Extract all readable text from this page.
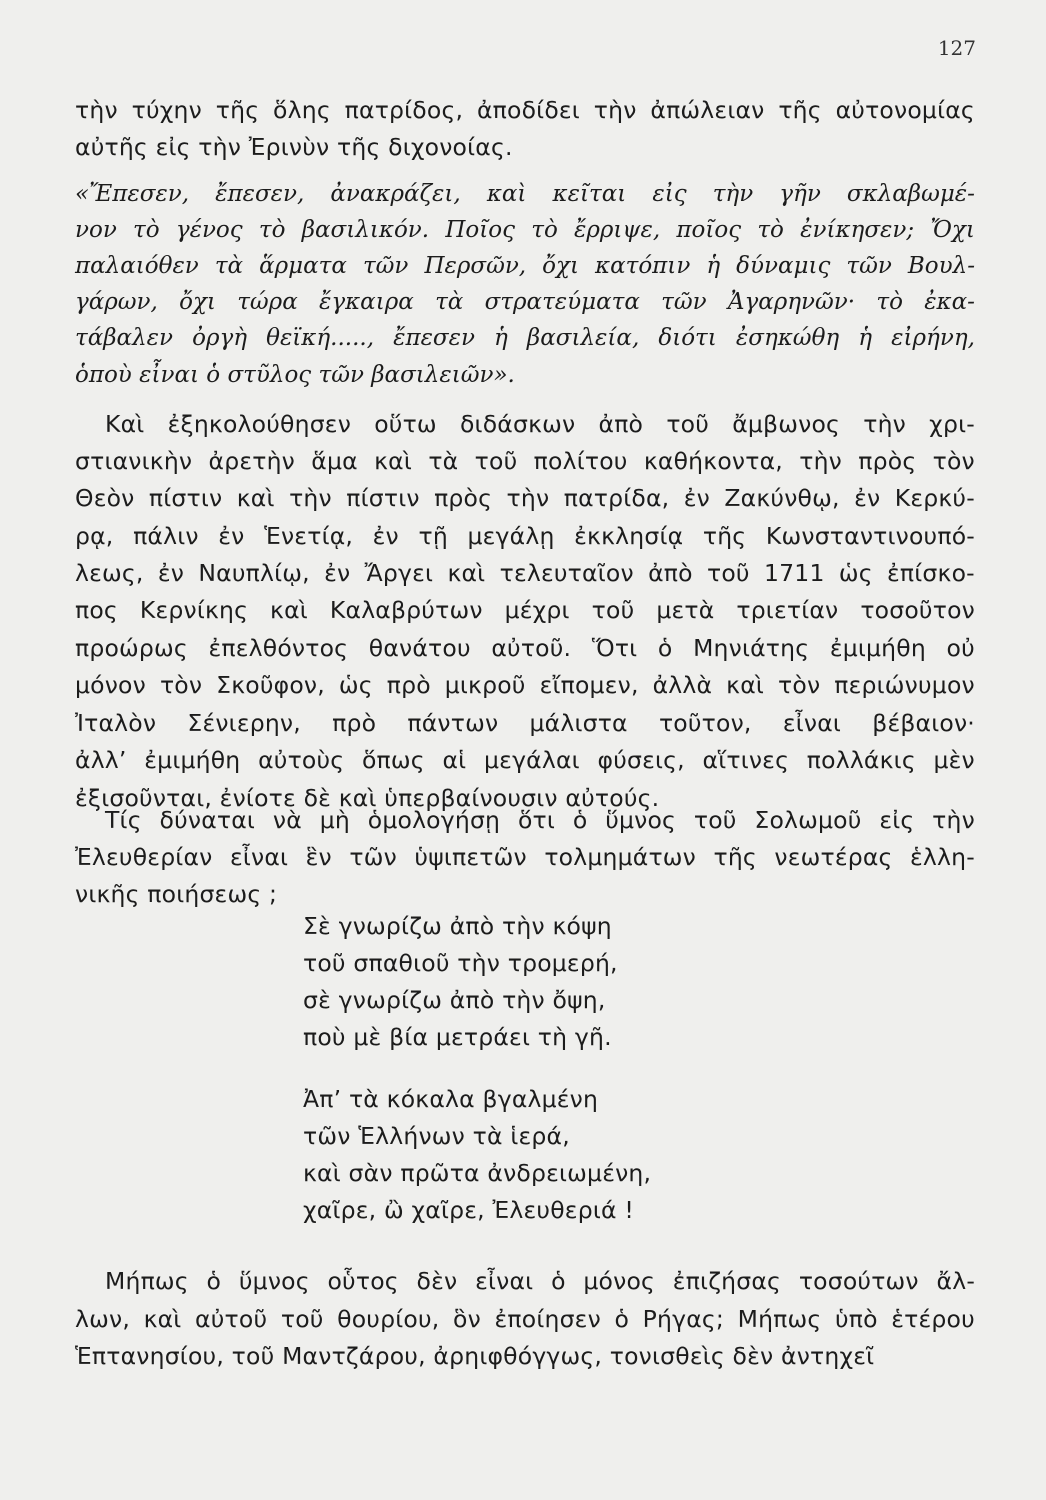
127
τὴν τύχην τῆς ὅλης πατρίδος, ἀποδίδει τὴν ἀπώλειαν τῆς αὐτονομίας
αὐτῆς εἰς τὴν Ἐρινὺν τῆς διχονοίας.
«Ἔπεσεν, ἔπεσεν, ἀνακράζει, καὶ κεῖται εἰς τὴν γῆν σκλαβωμέ-
νον τὸ γένος τὸ βασιλικόν. Ποῖος τὸ ἔρριψε, ποῖος τὸ ἐνίκησεν; Ὄχι
παλαιόθεν τὰ ἅρματα τῶν Περσῶν, ὄχι κατόπιν ἡ δύναμις τῶν Βουλ-
γάρων, ὄχι τώρα ἔγκαιρα τὰ στρατεύματα τῶν Ἀγαρηνῶν· τὸ ἐκα-
τάβαλεν ὀργὴ θεϊκή....., ἔπεσεν ἡ βασιλεία, διότι ἐσηκώθη ἡ εἰρήνη,
ὁποὺ εἶναι ὁ στῦλος τῶν βασιλειῶν».
Καὶ ἐξηκολούθησεν οὕτω διδάσκων ἀπὸ τοῦ ἄμβωνος τὴν χρι-
στιανικὴν ἀρετὴν ἅμα καὶ τὰ τοῦ πολίτου καθήκοντα, τὴν πρὸς τὸν
Θεὸν πίστιν καὶ τὴν πίστιν πρὸς τὴν πατρίδα, ἐν Ζακύνθῳ, ἐν Κερκύ-
ρᾳ, πάλιν ἐν Ἑνετίᾳ, ἐν τῇ μεγάλῃ ἐκκλησίᾳ τῆς Κωνσταντινουπό-
λεως, ἐν Ναυπλίῳ, ἐν Ἄργει καὶ τελευταῖον ἀπὸ τοῦ 1711 ὡς ἐπίσκο-
πος Κερνίκης καὶ Καλαβρύτων μέχρι τοῦ μετὰ τριετίαν τοσοῦτον
προώρως ἐπελθόντος θανάτου αὐτοῦ. Ὅτι ὁ Μηνιάτης ἐμιμήθη οὐ
μόνον τὸν Σκοῦφον, ὡς πρὸ μικροῦ εἴπομεν, ἀλλὰ καὶ τὸν περιώνυμον
Ἰταλὸν Σένιερην, πρὸ πάντων μάλιστα τοῦτον, εἶναι βέβαιον·
ἀλλ’ ἐμιμήθη αὐτοὺς ὅπως αἱ μεγάλαι φύσεις, αἵτινες πολλάκις μὲν
ἐξισοῦνται, ἐνίοτε δὲ καὶ ὑπερβαίνουσιν αὐτούς.
Τίς δύναται νὰ μὴ ὁμολογήσῃ ὅτι ὁ ὕμνος τοῦ Σολωμοῦ εἰς τὴν
Ἐλευθερίαν εἶναι ἓν τῶν ὑψιπετῶν τολμημάτων τῆς νεωτέρας ἑλλη-
νικῆς ποιήσεως ;
Σὲ γνωρίζω ἀπὸ τὴν κόψη
τοῦ σπαθιοῦ τὴν τρομερή,
σὲ γνωρίζω ἀπὸ τὴν ὄψη,
ποὺ μὲ βία μετράει τὴ γῆ.
Ἀπ’ τὰ κόκαλα βγαλμένη
τῶν Ἑλλήνων τὰ ἱερά,
καὶ σὰν πρῶτα ἀνδρειωμένη,
χαῖρε, ὢ χαῖρε, Ἐλευθεριά !
Μήπως ὁ ὕμνος οὗτος δὲν εἶναι ὁ μόνος ἐπιζήσας τοσούτων ἄλ-
λων, καὶ αὐτοῦ τοῦ θουρίου, ὃν ἐποίησεν ὁ Ρήγας; Μήπως ὑπὸ ἑτέρου
Ἑπτανησίου, τοῦ Μαντζάρου, ἀρηιφθόγγως, τονισθεὶς δὲν ἀντηχεῖ
